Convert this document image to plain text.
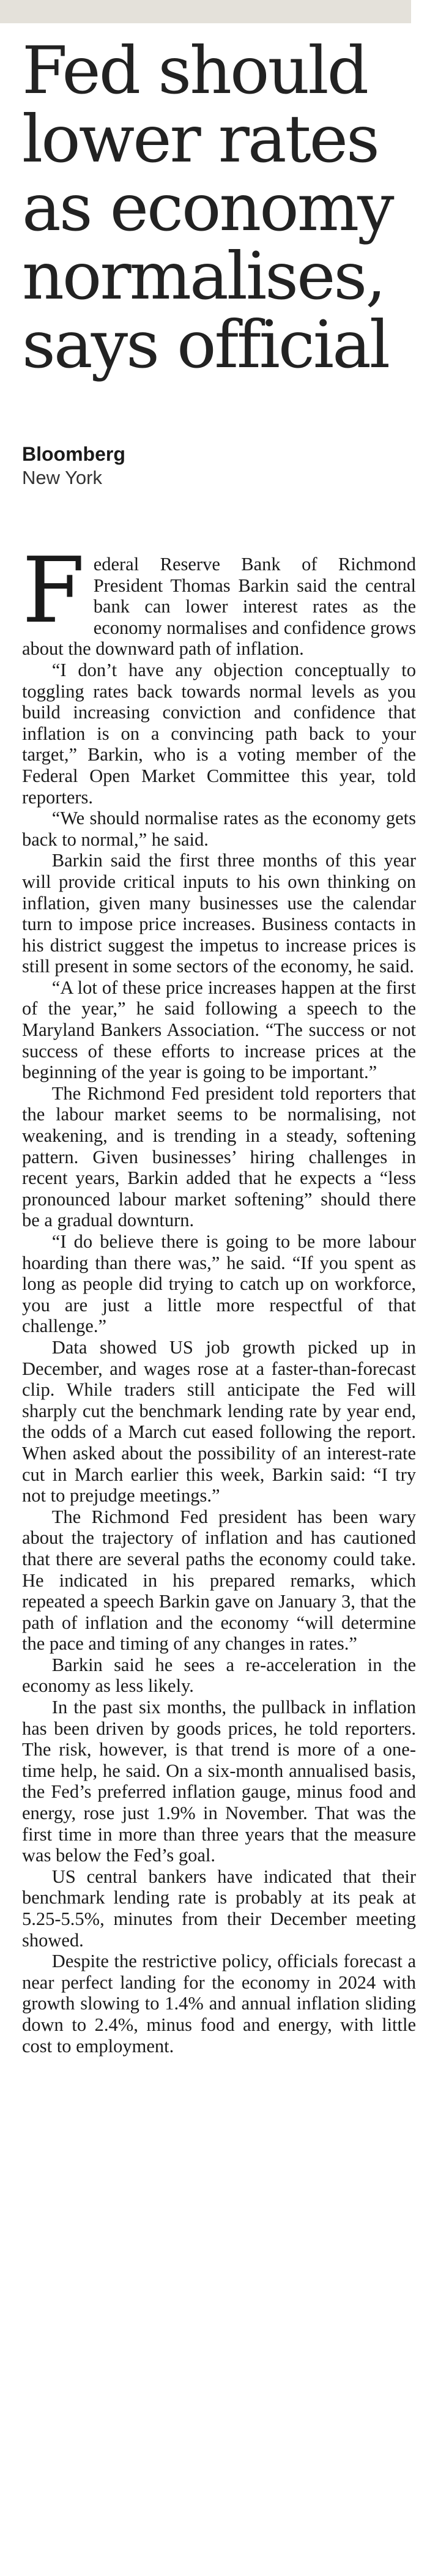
Fed should
lower rates
as economy
normalises,
says official
Bloomberg
New York

Federal Reserve Bank of Richmond President Thomas Barkin said the central bank can lower interest rates as the economy normalises and confidence grows about the downward path of inflation.

“I don’t have any objection conceptually to toggling rates back towards normal levels as you build increasing conviction and confidence that inflation is on a convincing path back to your target,” Barkin, who is a voting member of the Federal Open Market Committee this year, told reporters.

“We should normalise rates as the economy gets back to normal,” he said.

Barkin said the first three months of this year will provide critical inputs to his own thinking on inflation, given many businesses use the calendar turn to impose price increases. Business contacts in his district suggest the impetus to increase prices is still present in some sectors of the economy, he said.

“A lot of these price increases happen at the first of the year,” he said following a speech to the Maryland Bankers Association. “The success or not success of these efforts to increase prices at the beginning of the year is going to be important.”

The Richmond Fed president told reporters that the labour market seems to be normalising, not weakening, and is trending in a steady, softening pattern. Given businesses’ hiring challenges in recent years, Barkin added that he expects a “less pronounced labour market softening” should there be a gradual downturn.

“I do believe there is going to be more labour hoarding than there was,” he said. “If you spent as long as people did trying to catch up on workforce, you are just a little more respectful of that challenge.”

Data showed US job growth picked up in December, and wages rose at a faster-than-forecast clip. While traders still anticipate the Fed will sharply cut the benchmark lending rate by year end, the odds of a March cut eased following the report. When asked about the possibility of an interest-rate cut in March earlier this week, Barkin said: “I try not to prejudge meetings.”

The Richmond Fed president has been wary about the trajectory of inflation and has cautioned that there are several paths the economy could take. He indicated in his prepared remarks, which repeated a speech Barkin gave on January 3, that the path of inflation and the economy “will determine the pace and timing of any changes in rates.”

Barkin said he sees a re-acceleration in the economy as less likely.

In the past six months, the pullback in inflation has been driven by goods prices, he told reporters. The risk, however, is that trend is more of a one-time help, he said. On a six-month annualised basis, the Fed’s preferred inflation gauge, minus food and energy, rose just 1.9% in November. That was the first time in more than three years that the measure was below the Fed’s goal.

US central bankers have indicated that their benchmark lending rate is probably at its peak at 5.25-5.5%, minutes from their December meeting showed.

Despite the restrictive policy, officials forecast a near perfect landing for the economy in 2024 with growth slowing to 1.4% and annual inflation sliding down to 2.4%, minus food and energy, with little cost to employment.
